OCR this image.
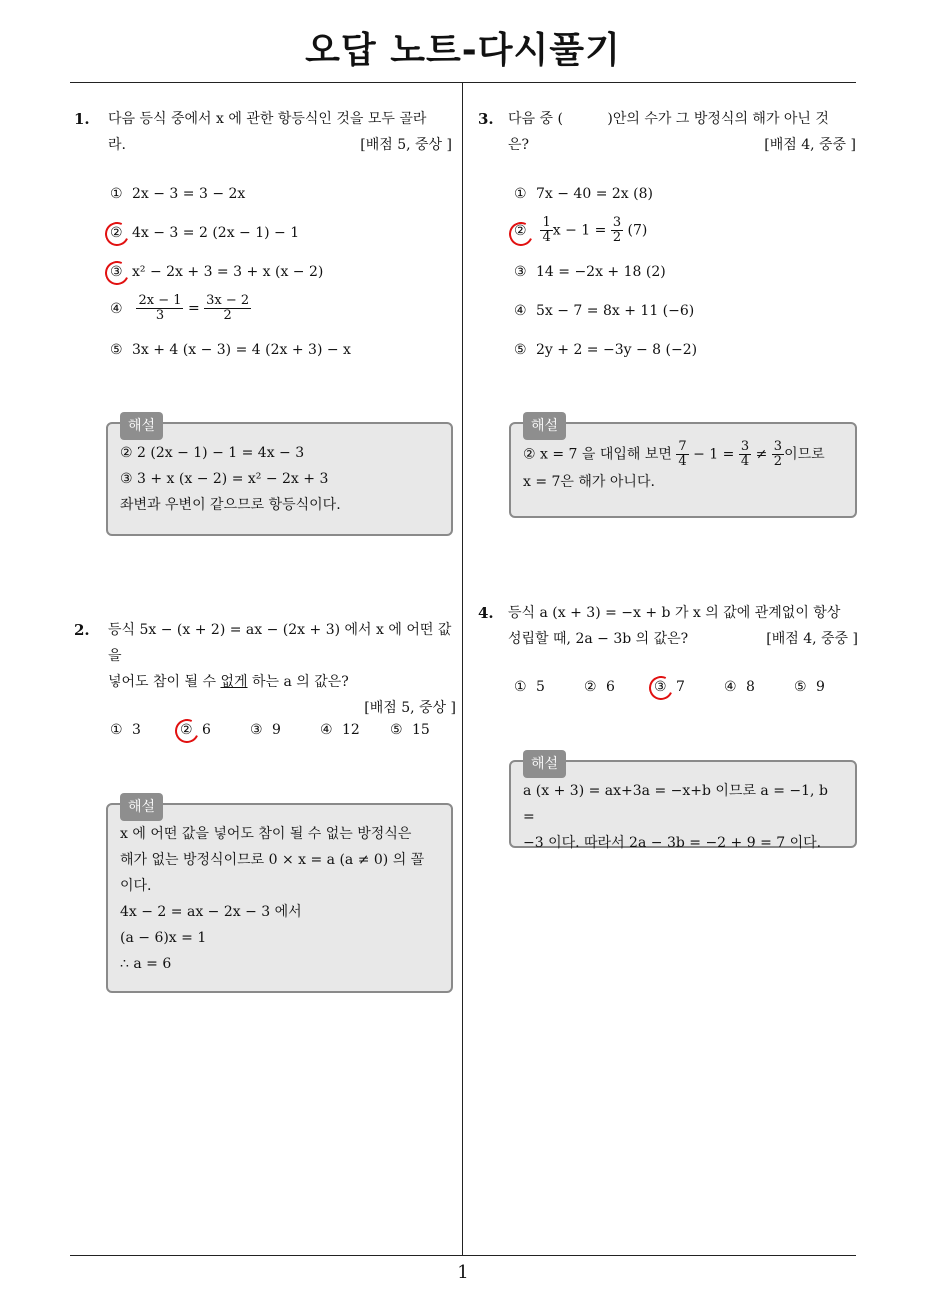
오답 노트-다시풀기
1. 다음 등식 중에서 x 에 관한 항등식인 것을 모두 골라
라.	[배점 5, 중상 ]
① 2x − 3 = 3 − 2x
② 4x − 3 = 2 (2x − 1) − 1
③ x² − 2x + 3 = 3 + x (x − 2)
④ $\frac{2x - 1}{3} = \frac{3x - 2}{2}$
⑤ 3x + 4 (x − 3) = 4 (2x + 3) − x
해설
② 2 (2x − 1) − 1 = 4x − 3
③ 3 + x (x − 2) = x² − 2x + 3
좌변과 우변이 같으므로 항등식이다.
2. 등식 5x − (x + 2) = ax − (2x + 3) 에서 x 에 어떤 값을
넣어도 참이 될 수 없게 하는 a 의 값은?
[배점 5, 중상 ]
① 3	② 6	③ 9	④ 12 ⑤ 15
해설
x 에 어떤 값을 넣어도 참이 될 수 없는 방정식은
해가 없는 방정식이므로 0 × x = a (a ≠ 0) 의 꼴
이다.
4x − 2 = ax − 2x − 3 에서
(a − 6)x = 1
∴ a = 6
3. 다음 중 (          )안의 수가 그 방정식의 해가 아닌 것
은?	[배점 4, 중중 ]
① 7x − 40 = 2x (8)
② $\frac{1}{4}$ $x - 1 = \frac{3}{2} (7)$
③ 14 = −2x + 18 (2)
④ 5x − 7 = 8x + 11 (−6)
⑤ 2y + 2 = −3y − 8 (−2)
해설
② x = 7 을 대입해 보면 $\frac{7}{4} - 1 = \frac{3}{4} \ne \frac{3}{2}$ 이므로
x = 7은 해가 아니다.
4. 등식 a (x + 3) = −x + b 가 x 의 값에 관계없이 항상
성립할 때, 2a − 3b 의 값은?	[배점 4, 중중 ]
① 5	② 6	③ 7	④ 8	⑤ 9
해설
a (x + 3) = ax+3a = −x+b 이므로 a = −1, b =
−3 이다. 따라서 2a − 3b = −2 + 9 = 7 이다.
1
